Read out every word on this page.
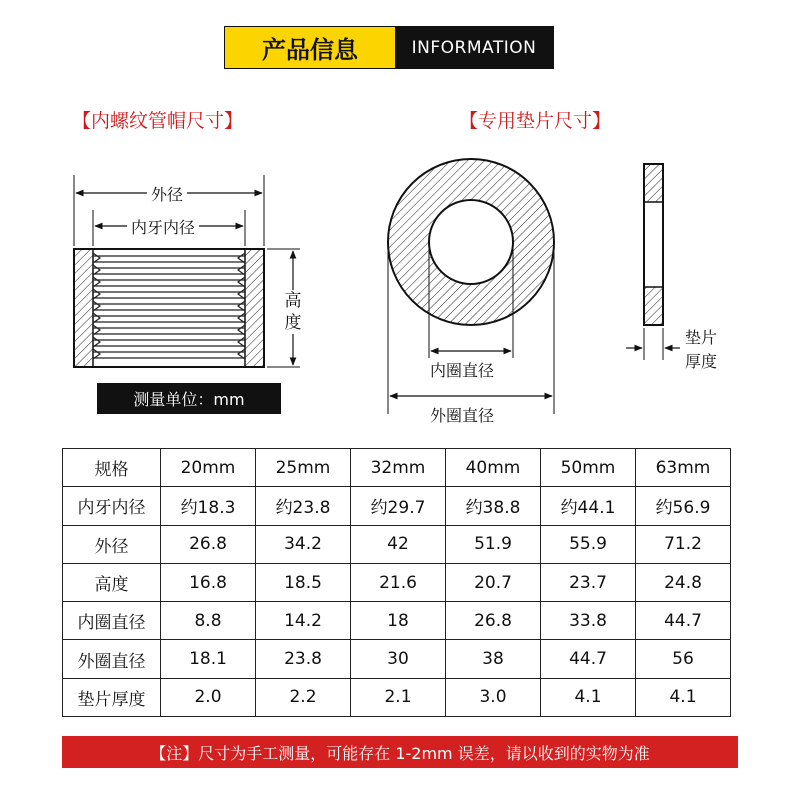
产品信息	INFORMATION
【内螺纹管帽尺寸】	【专用垫片尺寸】
外径
内牙内径
高度
测量单位：mm
内圈直径
外圈直径
垫片厚度
规格	20mm	25mm	32mm	40mm	50mm	63mm
内牙内径	约18.3	约23.8	约29.7	约38.8	约44.1	约56.9
外径	26.8	34.2	42	51.9	55.9	71.2
高度	16.8	18.5	21.6	20.7	23.7	24.8
内圈直径	8.8	14.2	18	26.8	33.8	44.7
外圈直径	18.1	23.8	30	38	44.7	56
垫片厚度	2.0	2.2	2.1	3.0	4.1	4.1
【注】尺寸为手工测量，可能存在 1-2mm 误差，请以收到的实物为准
